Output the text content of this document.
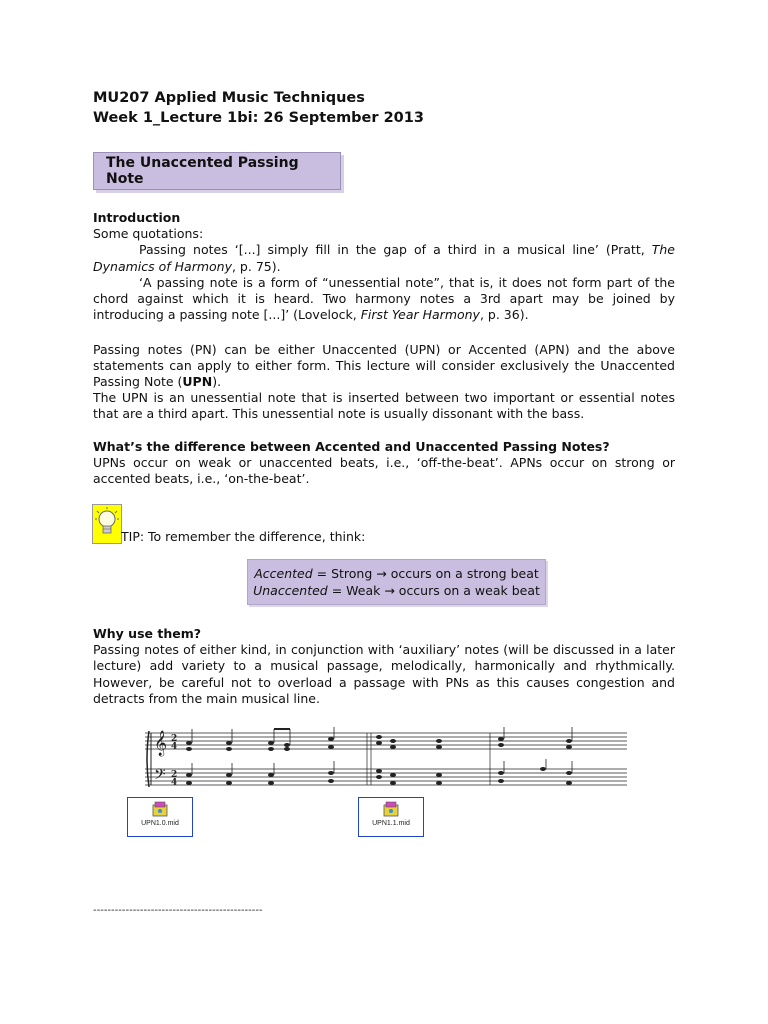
MU207 Applied Music Techniques
Week 1_Lecture 1bi: 26 September 2013
The Unaccented Passing Note
Introduction
Some quotations:
Passing notes ‘[...] simply fill in the gap of a third in a musical line’ (Pratt, The Dynamics of Harmony, p. 75).
‘A passing note is a form of “unessential note”, that is, it does not form part of the chord against which it is heard. Two harmony notes a 3rd apart may be joined by introducing a passing note [...]’ (Lovelock, First Year Harmony, p. 36).
Passing notes (PN) can be either Unaccented (UPN) or Accented (APN) and the above statements can apply to either form. This lecture will consider exclusively the Unaccented Passing Note (UPN).
The UPN is an unessential note that is inserted between two important or essential notes that are a third apart. This unessential note is usually dissonant with the bass.
What’s the difference between Accented and Unaccented Passing Notes?
UPNs occur on weak or unaccented beats, i.e., ‘off-the-beat’. APNs occur on strong or accented beats, i.e., ‘on-the-beat’.
TIP: To remember the difference, think:
Accented = Strong → occurs on a strong beat
Unaccented = Weak → occurs on a weak beat
Why use them?
Passing notes of either kind, in conjunction with ‘auxiliary’ notes (will be discussed in a later lecture) add variety to a musical passage, melodically, harmonically and rhythmically. However, be careful not to overload a passage with PNs as this causes congestion and detracts from the main musical line.
𝄞
𝄢
2
4
2
4
UPN1.0.mid	UPN1.1.mid
-----------------------------------------------
